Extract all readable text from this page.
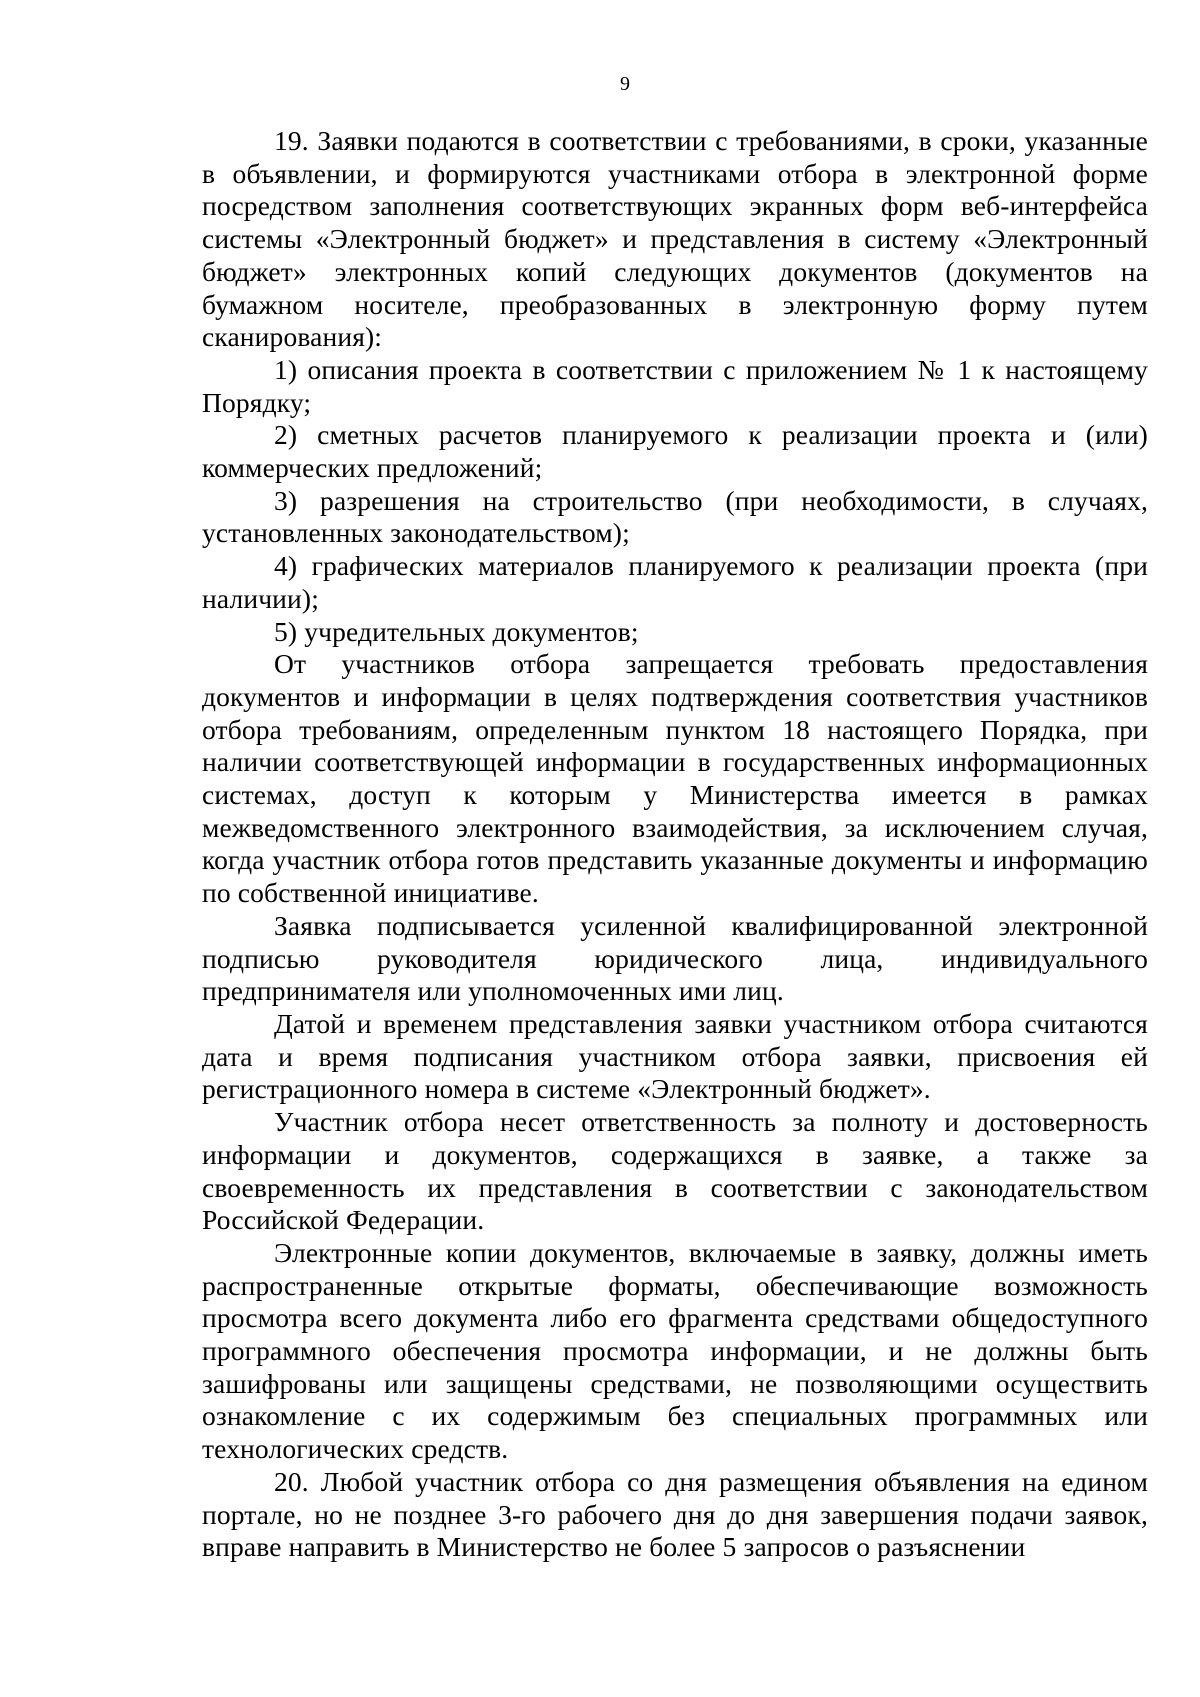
9

19. Заявки подаются в соответствии с требованиями, в сроки, указанные в объявлении, и формируются участниками отбора в электронной форме посредством заполнения соответствующих экранных форм веб-интерфейса системы «Электронный бюджет» и представления в систему «Электронный бюджет» электронных копий следующих документов (документов на бумажном носителе, преобразованных в электронную форму путем сканирования):

1) описания проекта в соответствии с приложением № 1 к настоящему Порядку;

2) сметных расчетов планируемого к реализации проекта и (или) коммерческих предложений;

3) разрешения на строительство (при необходимости, в случаях, установленных законодательством);

4) графических материалов планируемого к реализации проекта (при наличии);

5) учредительных документов;

От участников отбора запрещается требовать предоставления документов и информации в целях подтверждения соответствия участников отбора требованиям, определенным пунктом 18 настоящего Порядка, при наличии соответствующей информации в государственных информационных системах, доступ к которым у Министерства имеется в рамках межведомственного электронного взаимодействия, за исключением случая, когда участник отбора готов представить указанные документы и информацию по собственной инициативе.

Заявка подписывается усиленной квалифицированной электронной подписью руководителя юридического лица, индивидуального предпринимателя или уполномоченных ими лиц.

Датой и временем представления заявки участником отбора считаются дата и время подписания участником отбора заявки, присвоения ей регистрационного номера в системе «Электронный бюджет».

Участник отбора несет ответственность за полноту и достоверность информации и документов, содержащихся в заявке, а также за своевременность их представления в соответствии с законодательством Российской Федерации.

Электронные копии документов, включаемые в заявку, должны иметь распространенные открытые форматы, обеспечивающие возможность просмотра всего документа либо его фрагмента средствами общедоступного программного обеспечения просмотра информации, и не должны быть зашифрованы или защищены средствами, не позволяющими осуществить ознакомление с их содержимым без специальных программных или технологических средств.

20. Любой участник отбора со дня размещения объявления на едином портале, но не позднее 3-го рабочего дня до дня завершения подачи заявок, вправе направить в Министерство не более 5 запросов о разъяснении
